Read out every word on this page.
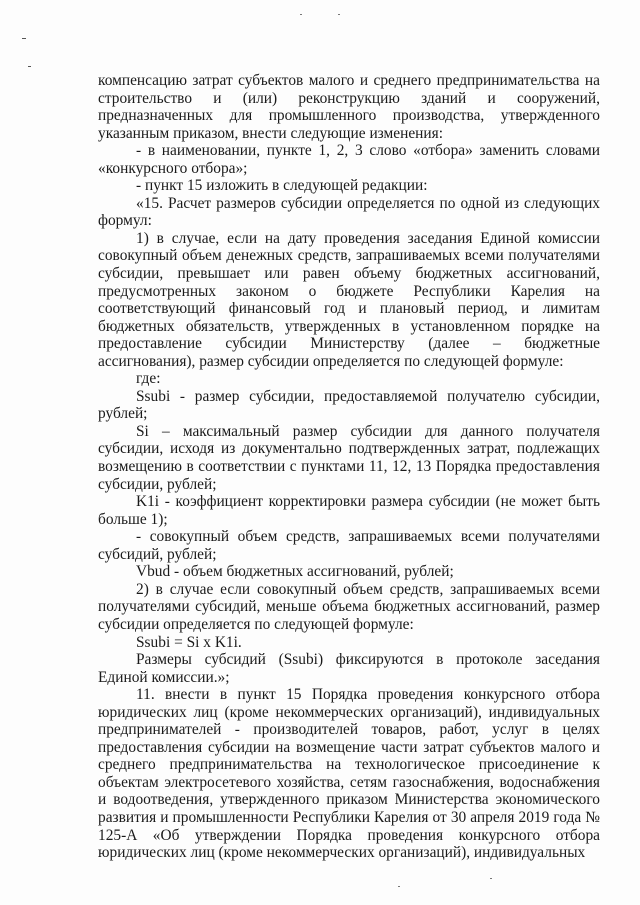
компенсацию затрат субъектов малого и среднего предпринимательства на строительство и (или) реконструкцию зданий и сооружений, предназначенных для промышленного производства, утвержденного указанным приказом, внести следующие изменения:

- в наименовании, пункте 1, 2, 3 слово «отбора» заменить словами «конкурсного отбора»;

- пункт 15 изложить в следующей редакции:

«15. Расчет размеров субсидии определяется по одной из следующих формул:

1) в случае, если на дату проведения заседания Единой комиссии совокупный объем денежных средств, запрашиваемых всеми получателями субсидии, превышает или равен объему бюджетных ассигнований, предусмотренных законом о бюджете Республики Карелия на соответствующий финансовый год и плановый период, и лимитам бюджетных обязательств, утвержденных в установленном порядке на предоставление субсидии Министерству (далее – бюджетные ассигнования), размер субсидии определяется по следующей формуле:

где:

Ssubi - размер субсидии, предоставляемой получателю субсидии, рублей;

Si – максимальный размер субсидии для данного получателя субсидии, исходя из документально подтвержденных затрат, подлежащих возмещению в соответствии с пунктами 11, 12, 13 Порядка предоставления субсидии, рублей;

K1i - коэффициент корректировки размера субсидии (не может быть больше 1);

- совокупный объем средств, запрашиваемых всеми получателями субсидий, рублей;

Vbud - объем бюджетных ассигнований, рублей;

2) в случае если совокупный объем средств, запрашиваемых всеми получателями субсидий, меньше объема бюджетных ассигнований, размер субсидии определяется по следующей формуле:

Ssubi = Si x K1i.

Размеры субсидий (Ssubi) фиксируются в протоколе заседания Единой комиссии.»;

11. внести в пункт 15 Порядка проведения конкурсного отбора юридических лиц (кроме некоммерческих организаций), индивидуальных предпринимателей - производителей товаров, работ, услуг в целях предоставления субсидии на возмещение части затрат субъектов малого и среднего предпринимательства на технологическое присоединение к объектам электросетевого хозяйства, сетям газоснабжения, водоснабжения и водоотведения, утвержденного приказом Министерства экономического развития и промышленности Республики Карелия от 30 апреля 2019 года № 125-А «Об утверждении Порядка проведения конкурсного отбора юридических лиц (кроме некоммерческих организаций), индивидуальных
